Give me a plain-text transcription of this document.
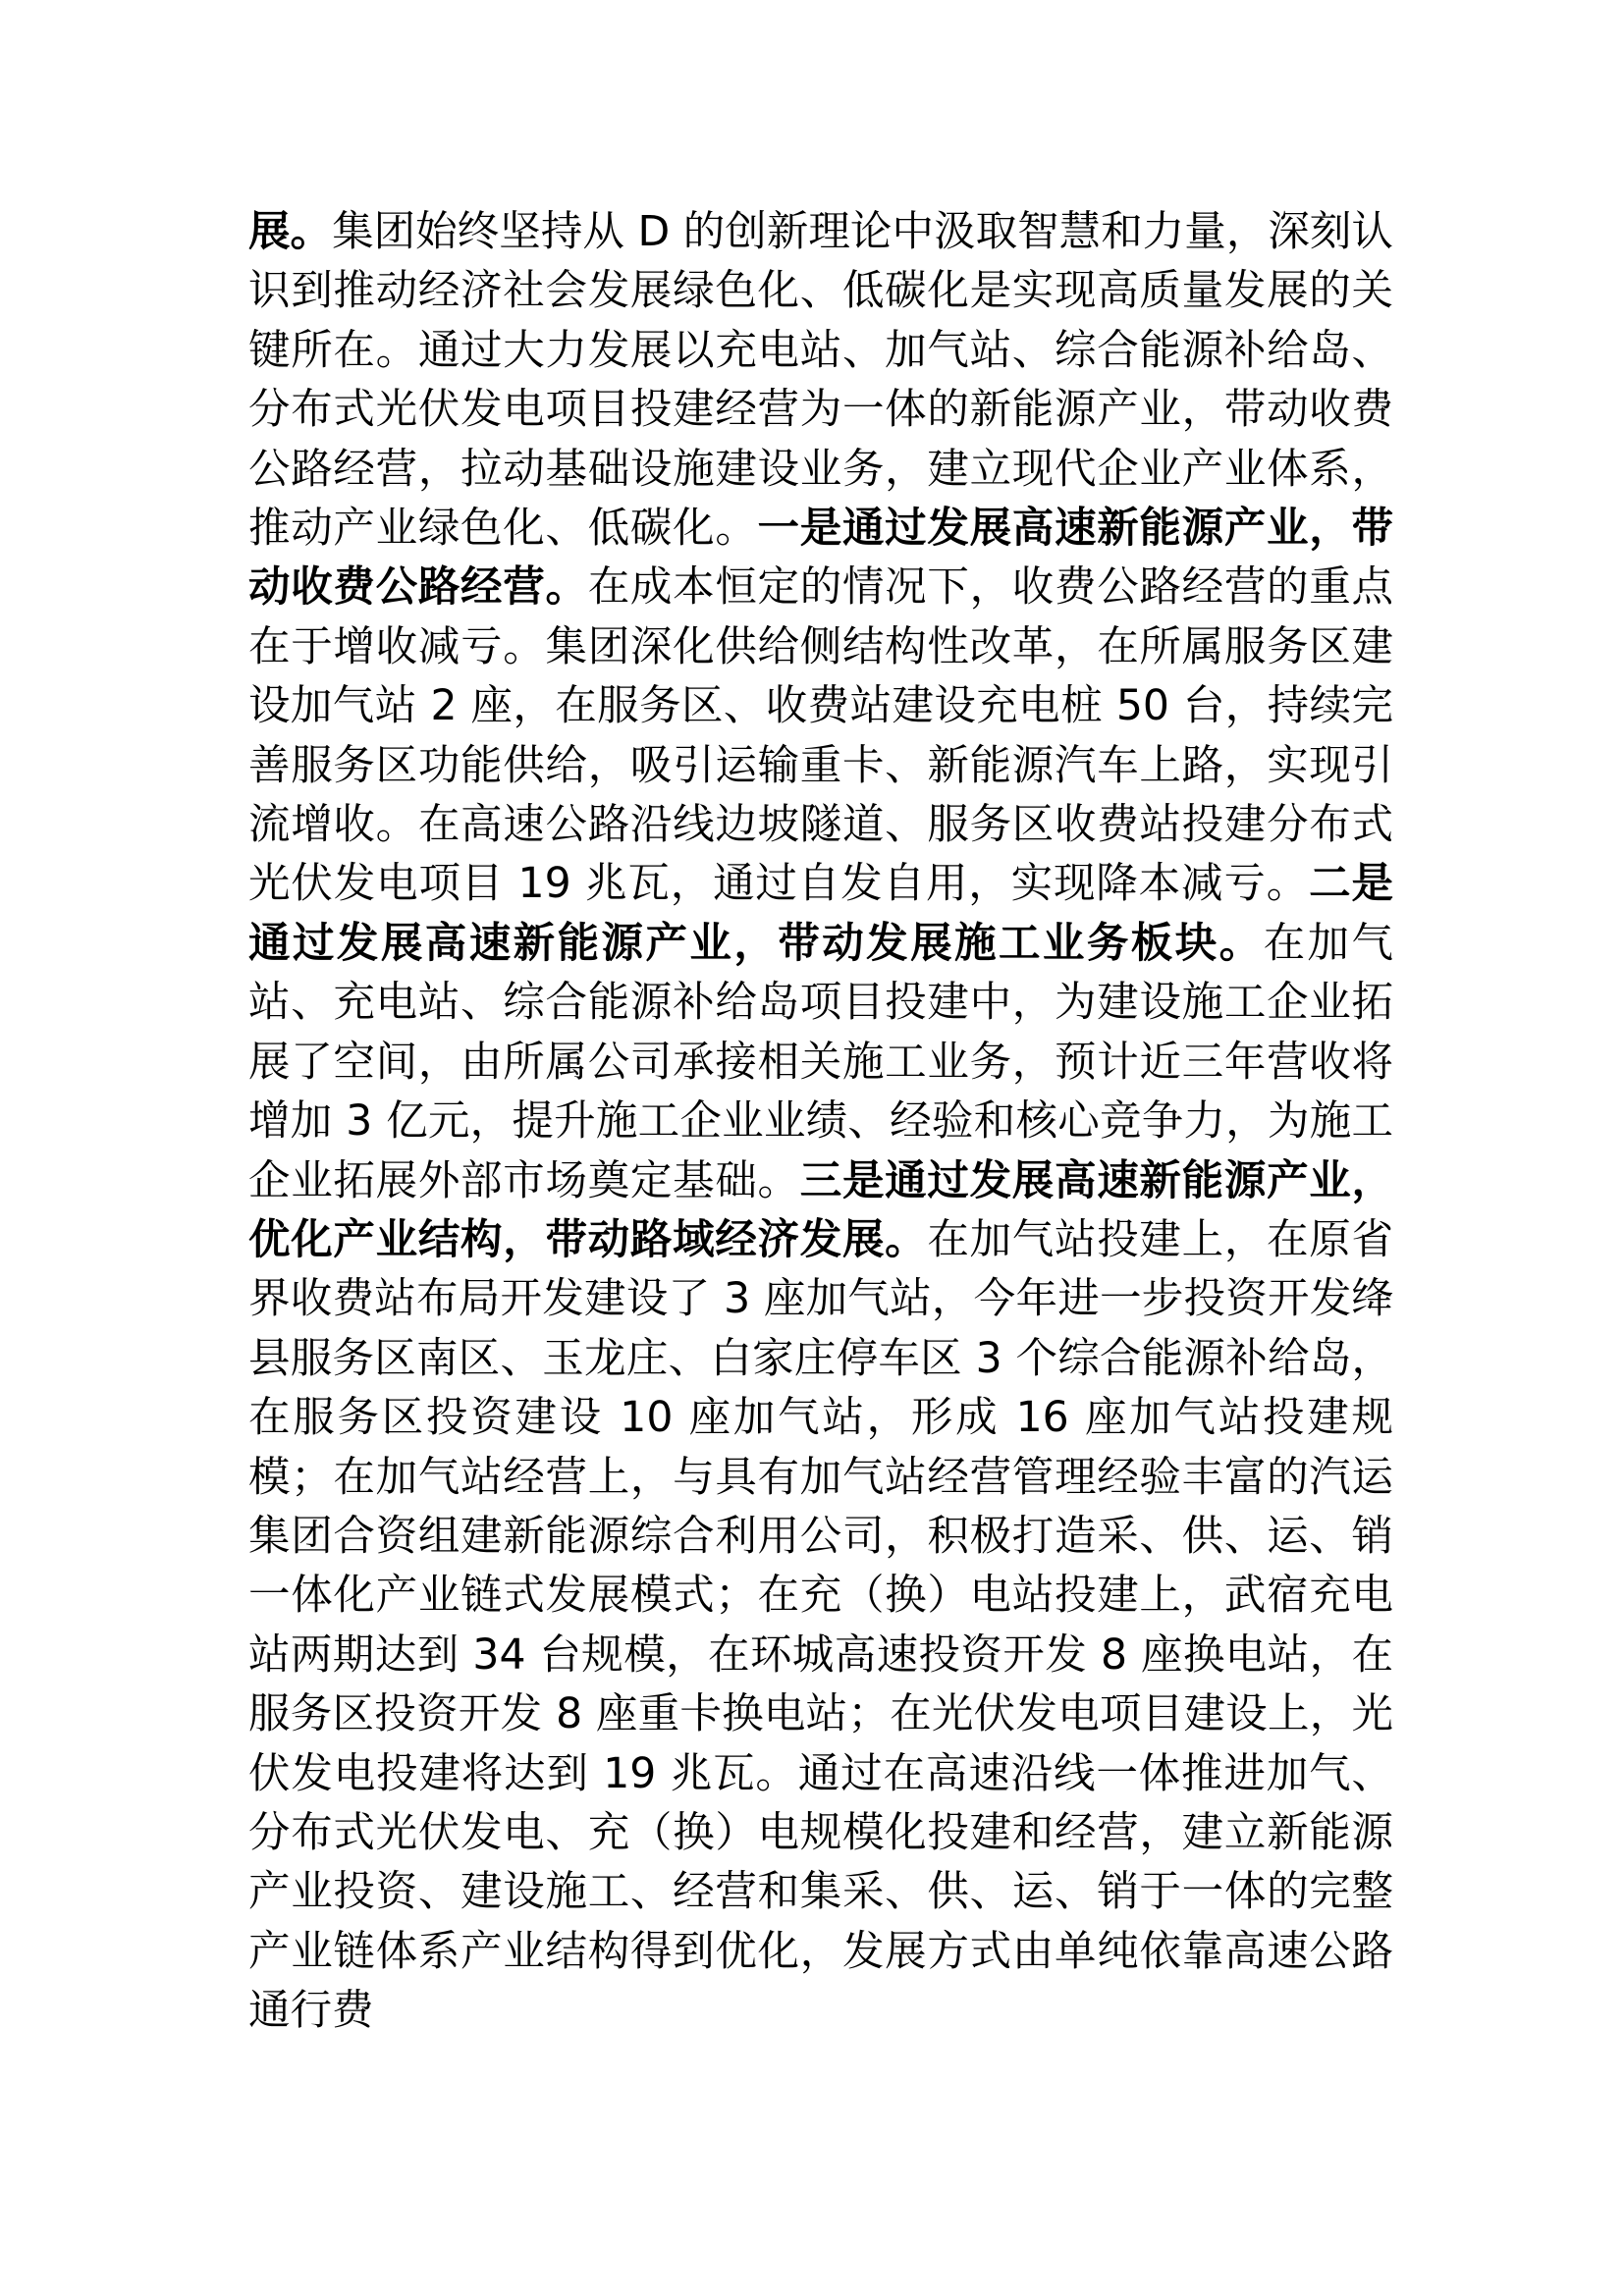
展。集团始终坚持从 D 的创新理论中汲取智慧和力量，深刻认识到推动经济社会发展绿色化、低碳化是实现高质量发展的关键所在。通过大力发展以充电站、加气站、综合能源补给岛、分布式光伏发电项目投建经营为一体的新能源产业，带动收费公路经营，拉动基础设施建设业务，建立现代企业产业体系，推动产业绿色化、低碳化。一是通过发展高速新能源产业，带动收费公路经营。在成本恒定的情况下，收费公路经营的重点在于增收减亏。集团深化供给侧结构性改革，在所属服务区建设加气站 2 座，在服务区、收费站建设充电桩 50 台，持续完善服务区功能供给，吸引运输重卡、新能源汽车上路，实现引流增收。在高速公路沿线边坡隧道、服务区收费站投建分布式光伏发电项目 19 兆瓦，通过自发自用，实现降本减亏。二是通过发展高速新能源产业，带动发展施工业务板块。在加气站、充电站、综合能源补给岛项目投建中，为建设施工企业拓展了空间，由所属公司承接相关施工业务，预计近三年营收将增加 3 亿元，提升施工企业业绩、经验和核心竞争力，为施工企业拓展外部市场奠定基础。三是通过发展高速新能源产业，优化产业结构，带动路域经济发展。在加气站投建上，在原省界收费站布局开发建设了 3 座加气站，今年进一步投资开发绛县服务区南区、玉龙庄、白家庄停车区 3 个综合能源补给岛，在服务区投资建设 10 座加气站，形成 16 座加气站投建规模；在加气站经营上，与具有加气站经营管理经验丰富的汽运集团合资组建新能源综合利用公司，积极打造采、供、运、销一体化产业链式发展模式；在充（换）电站投建上，武宿充电站两期达到 34 台规模，在环城高速投资开发 8 座换电站，在服务区投资开发 8 座重卡换电站；在光伏发电项目建设上，光伏发电投建将达到 19 兆瓦。通过在高速沿线一体推进加气、分布式光伏发电、充（换）电规模化投建和经营，建立新能源产业投资、建设施工、经营和集采、供、运、销于一体的完整产业链体系产业结构得到优化，发展方式由单纯依靠高速公路通行费
